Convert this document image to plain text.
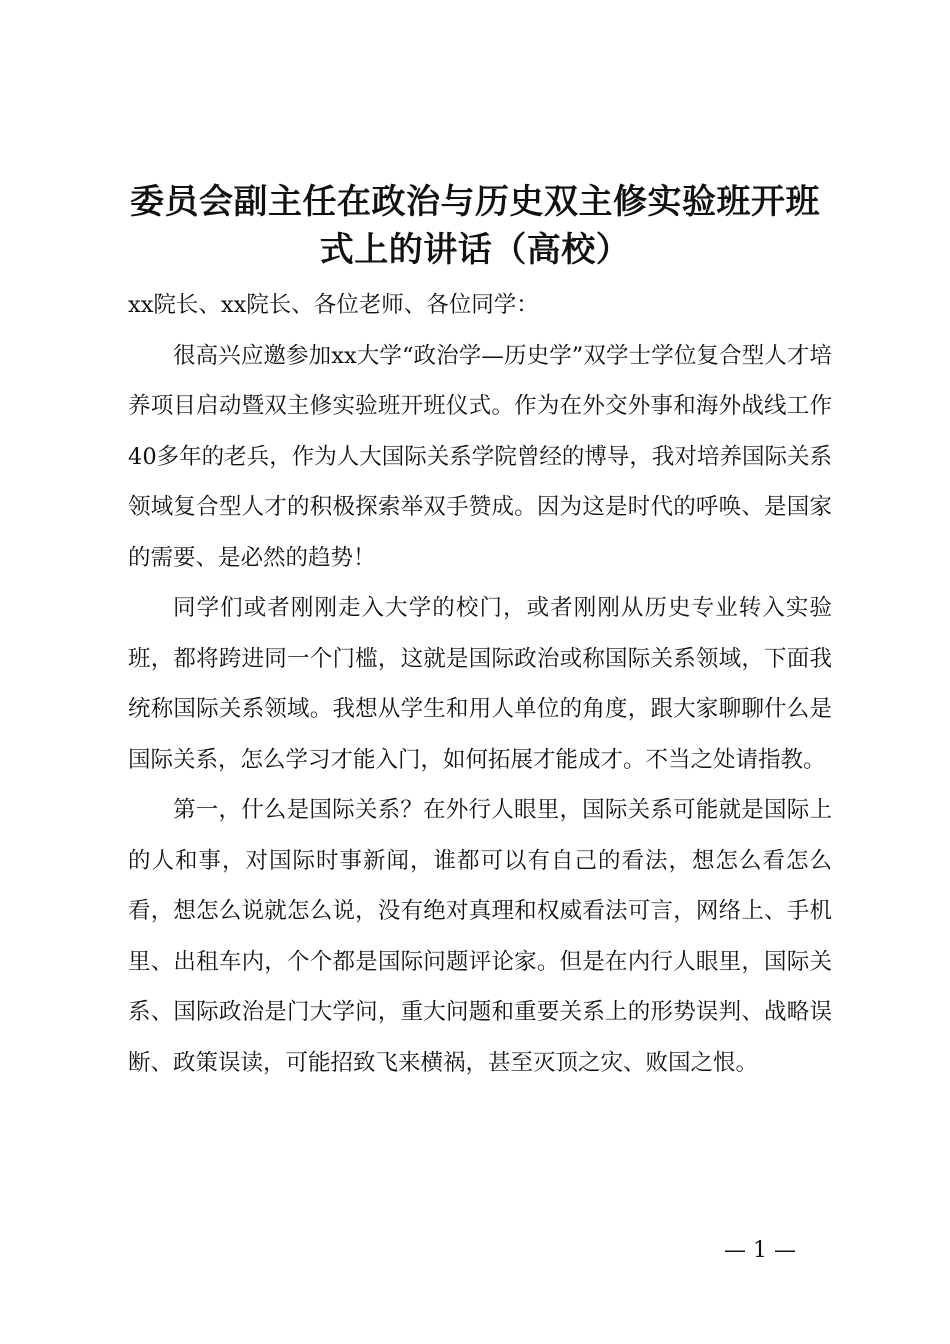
委员会副主任在政治与历史双主修实验班开班式上的讲话（高校）

xx院长、xx院长、各位老师、各位同学：

很高兴应邀参加xx大学“政治学—历史学”双学士学位复合型人才培养项目启动暨双主修实验班开班仪式。作为在外交外事和海外战线工作40多年的老兵，作为人大国际关系学院曾经的博导，我对培养国际关系领域复合型人才的积极探索举双手赞成。因为这是时代的呼唤、是国家的需要、是必然的趋势！

同学们或者刚刚走入大学的校门，或者刚刚从历史专业转入实验班，都将跨进同一个门槛，这就是国际政治或称国际关系领域，下面我统称国际关系领域。我想从学生和用人单位的角度，跟大家聊聊什么是国际关系，怎么学习才能入门，如何拓展才能成才。不当之处请指教。

第一，什么是国际关系？在外行人眼里，国际关系可能就是国际上的人和事，对国际时事新闻，谁都可以有自己的看法，想怎么看怎么看，想怎么说就怎么说，没有绝对真理和权威看法可言，网络上、手机里、出租车内，个个都是国际问题评论家。但是在内行人眼里，国际关系、国际政治是门大学问，重大问题和重要关系上的形势误判、战略误断、政策误读，可能招致飞来横祸，甚至灭顶之灾、败国之恨。

— 1 —
